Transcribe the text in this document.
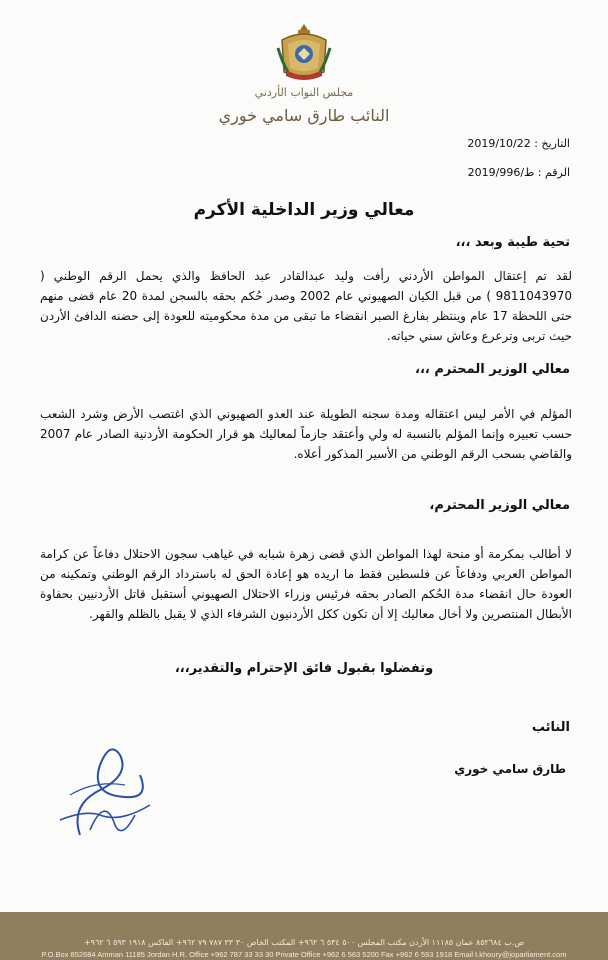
مجلس النواب الأردني
النائب طارق سامي خوري
التاريخ : 2019/10/22
الرقم : ط/2019/996
معالي وزير الداخلية الأكرم
تحية طيبة وبعد ،،،
لقد تم إعتقال المواطن الأردني رأفت وليد عبدالقادر عبد الحافظ والذي يحمل الرقم الوطني ( 9811043970 ) من قبل الكيان الصهيوني عام 2002 وصدر حُكم بحقه بالسجن لمدة 20 عام قضى منهم حتى اللحظة 17 عام وينتظر بفارغ الصبر انقضاء ما تبقى من مدة محكوميته للعودة إلى حضنه الدافئ الأردن حيث تربى وترعرع وعاش سني حياته.
معالي الوزير المحترم ،،،
المؤلم في الأمر ليس اعتقاله ومدة سجنه الطويلة عند العدو الصهيوني الذي اغتصب الأرض وشرد الشعب حسب تعبيره وإنما المؤلم بالنسبة له ولي وأعتقد جازماً لمعاليك هو قرار الحكومة الأردنية الصادر عام 2007 والقاضي بسحب الرقم الوطني من الأسير المذكور أعلاه.
معالي الوزير المحترم،
لا أطالب بمكرمة أو منحة لهذا المواطن الذي قضى زهرة شبابه في غياهب سجون الاحتلال دفاعاً عن كرامة المواطن العربي ودفاعاً عن فلسطين فقط ما اريده هو إعادة الحق له باسترداد الرقم الوطني وتمكينه من العودة حال انقضاء مدة الحُكم الصادر بحقه فرئيس وزراء الاحتلال الصهيوني أستقبل قاتل الأردنيين بحفاوة الأبطال المنتصرين ولا أخال معاليك إلا أن تكون ككل الأردنيون الشرفاء الذي لا يقبل بالظلم والقهر.
وتفضلوا بقبول فائق الإحترام والتقدير،،،
النائب
طارق سامي خوري
ص.ب ٨٥٢٦٨٤ عمان ١١١٨٥ الأردن مكتب المجلس ٥٠٠ ٥٣٤ ٦ ٩٦٢+ المكتب الخاص ٣٠ ٣٣ ٧٨٧ ٧٩ ٩٦٢+ الفاكس ١٩١٨ ٥٩٣ ٦ ٩٦٢+
P.O.Box 852684 Amman 11185 Jordan H.R. Office +962 787 33 33 30 Private Office +962 6 563 5200 Fax +962 6 593 1918 Email t.khoury@joparliament.com
